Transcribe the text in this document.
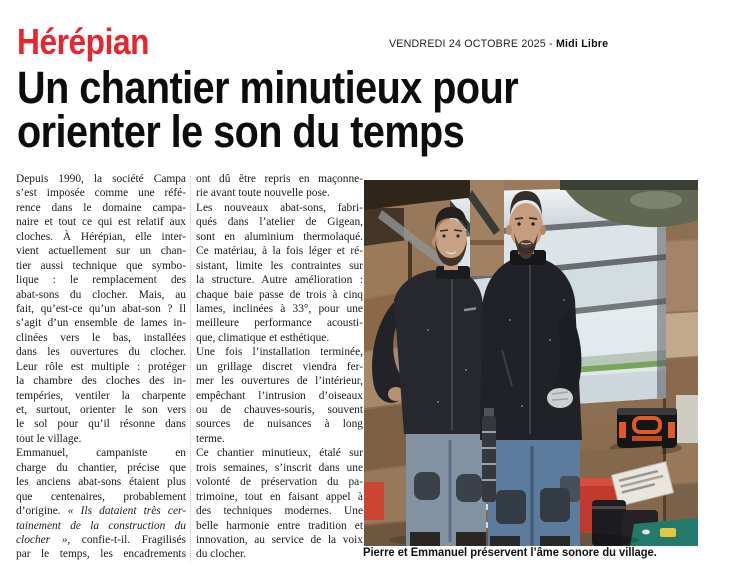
Hérépian	VENDREDI 24 OCTOBRE 2025 - Midi Libre
Un chantier minutieux pour
orienter le son du temps
Depuis 1990, la société Campa
s’est imposée comme une réfé-
rence dans le domaine campa-
naire et tout ce qui est relatif aux
cloches. À Hérépian, elle inter-
vient actuellement sur un chan-
tier aussi technique que symbo-
lique : le remplacement des
abat-sons du clocher. Mais, au
fait, qu’est-ce qu’un abat-son ? Il
s’agit d’un ensemble de lames in-
clinées vers le bas, installées
dans les ouvertures du clocher.
Leur rôle est multiple : protéger
la chambre des cloches des in-
tempéries, ventiler la charpente
et, surtout, orienter le son vers
le sol pour qu’il résonne dans
tout le village.
Emmanuel, campaniste en
charge du chantier, précise que
les anciens abat-sons étaient plus
que centenaires, probablement
d’origine. « Ils dataient très cer-
tainement de la construction du
clocher », confie-t-il. Fragilisés
par le temps, les encadrements
ont dû être repris en maçonne-
rie avant toute nouvelle pose.
Les nouveaux abat-sons, fabri-
qués dans l’atelier de Gigean,
sont en aluminium thermolaqué.
Ce matériau, à la fois léger et ré-
sistant, limite les contraintes sur
la structure. Autre amélioration :
chaque baie passe de trois à cinq
lames, inclinées à 33°, pour une
meilleure performance acousti-
que, climatique et esthétique.
Une fois l’installation terminée,
un grillage discret viendra fer-
mer les ouvertures de l’intérieur,
empêchant l’intrusion d’oiseaux
ou de chauves-souris, souvent
sources de nuisances à long
terme.
Ce chantier minutieux, étalé sur
trois semaines, s’inscrit dans une
volonté de préservation du pa-
trimoine, tout en faisant appel à
des techniques modernes. Une
belle harmonie entre tradition et
innovation, au service de la voix
du clocher.	Pierre et Emmanuel préservent l’âme sonore du village.
